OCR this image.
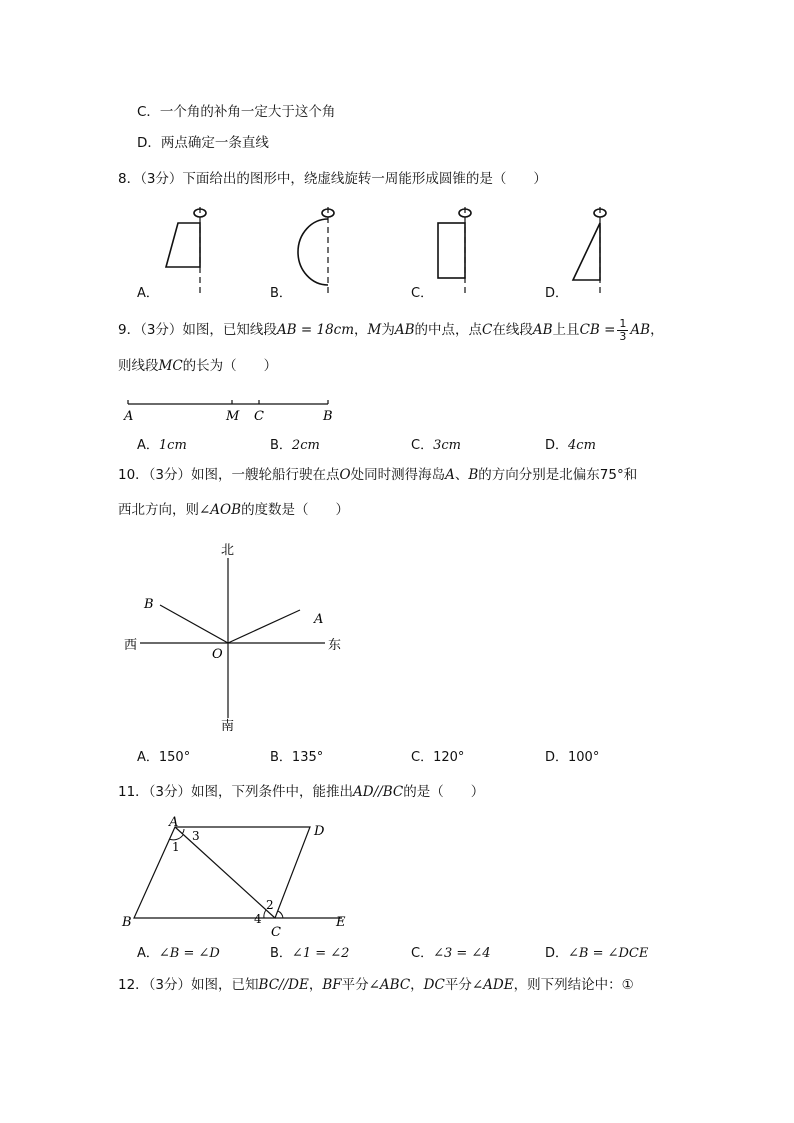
C．一个角的补角一定大于这个角
D．两点确定一条直线
8．（3分）下面给出的图形中，绕虚线旋转一周能形成圆锥的是（　　）
A．	B．	C．	D．
9．（3分）如图，已知线段AB = 18cm，M为AB的中点，点C在线段AB上且CB = $\frac{1}{3}$ AB，
则线段MC的长为（　　）
A	M C	B
A．1cm	B．2cm	C．3cm	D．4cm
10．（3分）如图，一艘轮船行驶在点O处同时测得海岛A、B的方向分别是北偏东75°和
西北方向，则∠AOB的度数是（　　）
北
南
东
西
O
A
B
A．150°	B．135°	C．120°	D．100°
11．（3分）如图，下列条件中，能推出AD//BC的是（　　）
A
D
B
C
E
1
2
3
4
A．∠B = ∠D	B．∠1 = ∠2	C．∠3 = ∠4	D．∠B = ∠DCE
12．（3分）如图，已知BC//DE，BF平分∠ABC，DC平分∠ADE，则下列结论中：①
